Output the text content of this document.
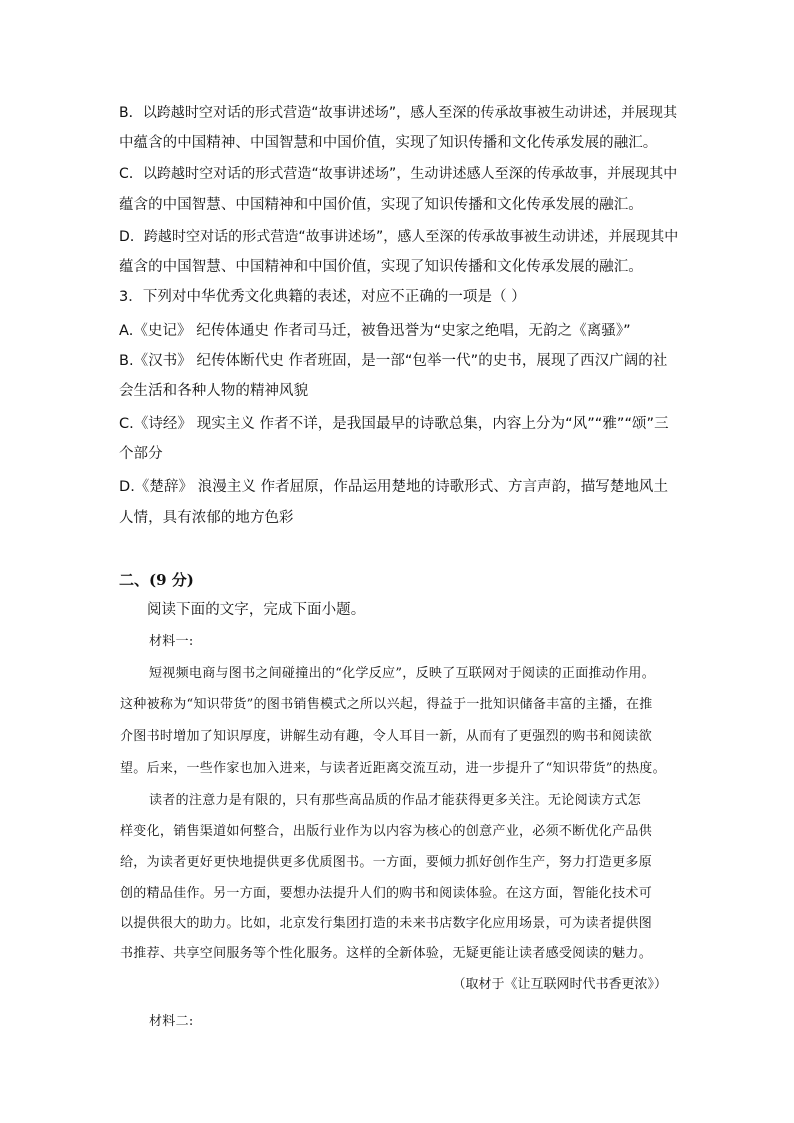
B．以跨越时空对话的形式营造“故事讲述场”，感人至深的传承故事被生动讲述，并展现其

中蕴含的中国精神、中国智慧和中国价值，实现了知识传播和文化传承发展的融汇。

C．以跨越时空对话的形式营造“故事讲述场”，生动讲述感人至深的传承故事，并展现其中

蕴含的中国智慧、中国精神和中国价值，实现了知识传播和文化传承发展的融汇。

D．跨越时空对话的形式营造“故事讲述场”，感人至深的传承故事被生动讲述，并展现其中

蕴含的中国智慧、中国精神和中国价值，实现了知识传播和文化传承发展的融汇。

3．下列对中华优秀文化典籍的表述，对应不正确的一项是（ ）

A.《史记》 纪传体通史 作者司马迁，被鲁迅誉为“史家之绝唱，无韵之《离骚》”

B.《汉书》 纪传体断代史 作者班固，是一部“包举一代”的史书，展现了西汉广阔的社

会生活和各种人物的精神风貌

C.《诗经》 现实主义 作者不详，是我国最早的诗歌总集，内容上分为“风”“雅”“颂”三

个部分

D.《楚辞》 浪漫主义 作者屈原，作品运用楚地的诗歌形式、方言声韵，描写楚地风土

人情，具有浓郁的地方色彩

二、(9 分)

阅读下面的文字，完成下面小题。

材料一:

短视频电商与图书之间碰撞出的“化学反应”，反映了互联网对于阅读的正面推动作用。

这种被称为“知识带货”的图书销售模式之所以兴起，得益于一批知识储备丰富的主播，在推

介图书时增加了知识厚度，讲解生动有趣，令人耳目一新，从而有了更强烈的购书和阅读欲

望。后来，一些作家也加入进来，与读者近距离交流互动，进一步提升了“知识带货”的热度。

读者的注意力是有限的，只有那些高品质的作品才能获得更多关注。无论阅读方式怎

样变化，销售渠道如何整合，出版行业作为以内容为核心的创意产业，必须不断优化产品供

给，为读者更好更快地提供更多优质图书。一方面，要倾力抓好创作生产，努力打造更多原

创的精品佳作。另一方面，要想办法提升人们的购书和阅读体验。在这方面，智能化技术可

以提供很大的助力。比如，北京发行集团打造的未来书店数字化应用场景，可为读者提供图

书推荐、共享空间服务等个性化服务。这样的全新体验，无疑更能让读者感受阅读的魅力。

（取材于《让互联网时代书香更浓》）

材料二:
